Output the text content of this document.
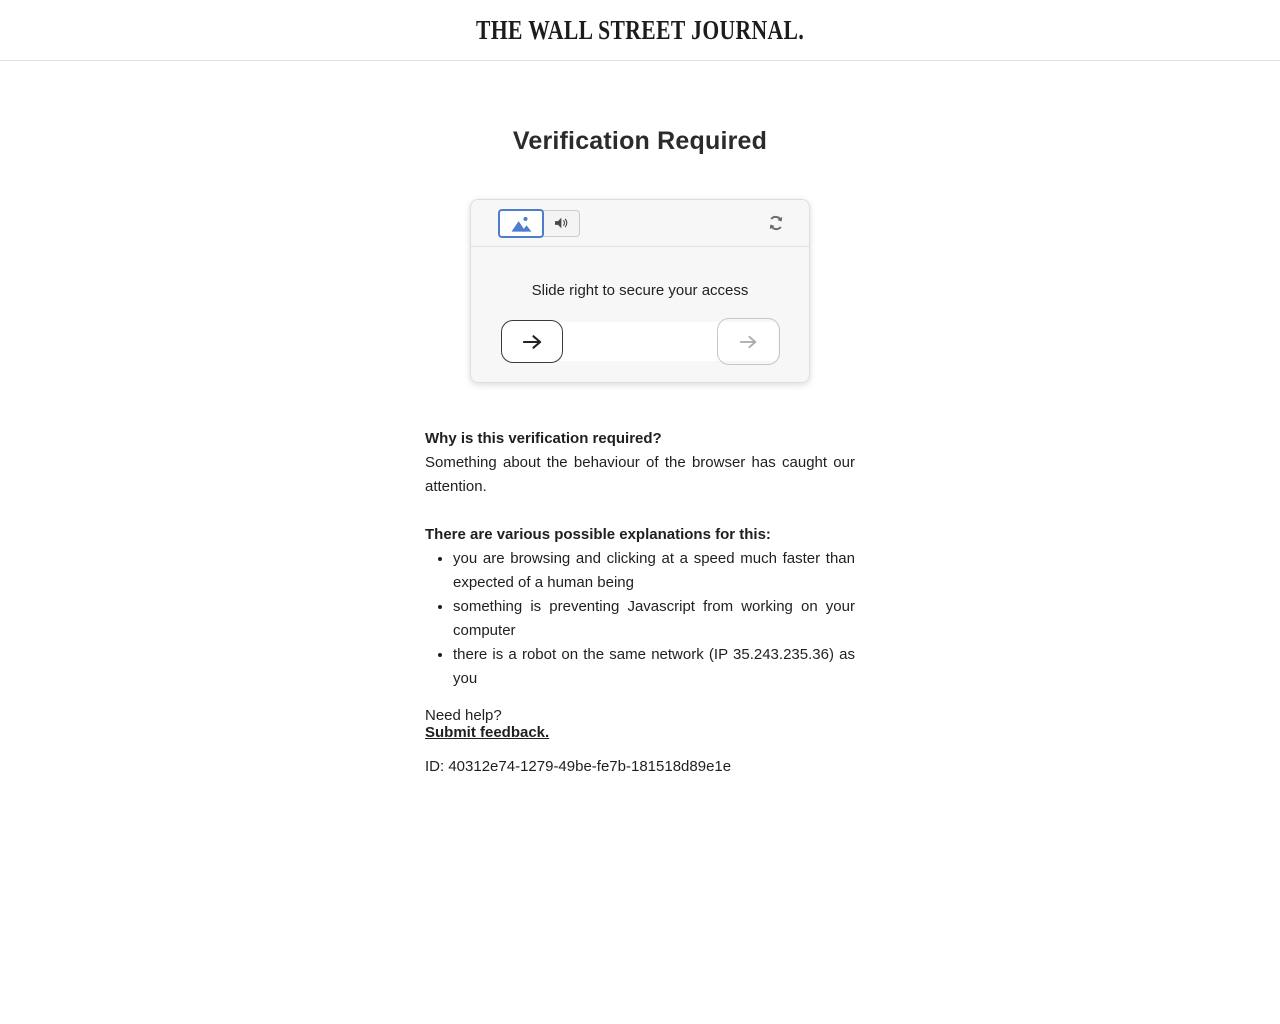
THE WALL STREET JOURNAL.
Verification Required
Slide right to secure your access

Why is this verification required?

Something about the behaviour of the browser has caught our attention.

There are various possible explanations for this:

• you are browsing and clicking at a speed much faster than expected of a human being
• something is preventing Javascript from working on your computer
• there is a robot on the same network (IP 35.243.235.36) as you
Need help?
Submit feedback.

ID: 40312e74-1279-49be-fe7b-181518d89e1e
